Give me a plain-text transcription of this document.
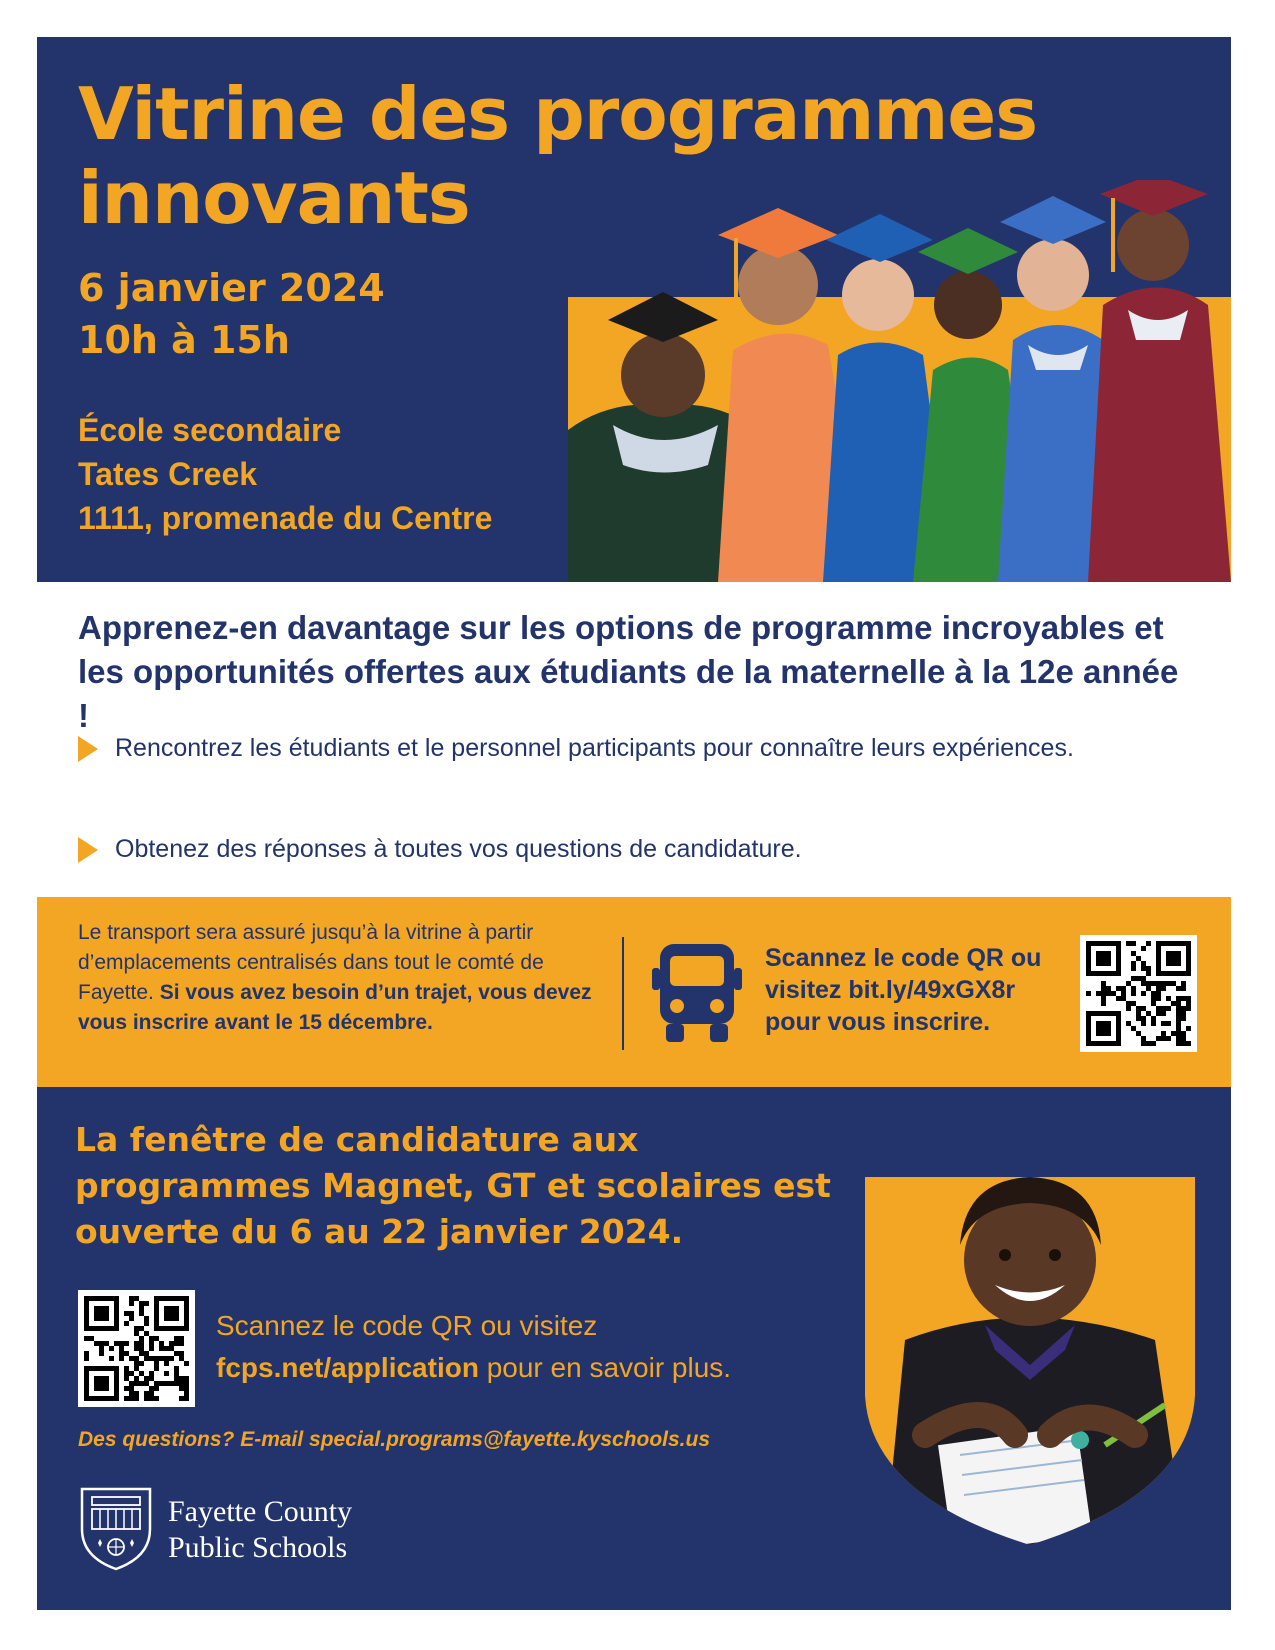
Vitrine des programmes
innovants

6 janvier 2024

10h à 15h

École secondaire

Tates Creek

1111, promenade du Centre

Apprenez-en davantage sur les options de programme incroyables et les opportunités offertes aux étudiants de la maternelle à la 12e année !

Rencontrez les étudiants et le personnel participants pour connaître leurs expériences.
Obtenez des réponses à toutes vos questions de candidature.

Le transport sera assuré jusqu’à la vitrine à partir d’emplacements centralisés dans tout le comté de Fayette. Si vous avez besoin d’un trajet, vous devez vous inscrire avant le 15 décembre.

Scannez le code QR ou visitez bit.ly/49xGX8r pour vous inscrire.

La fenêtre de candidature aux programmes Magnet, GT et scolaires est ouverte du 6 au 22 janvier 2024.

Scannez le code QR ou visitez
fcps.net/application pour en savoir plus.

Des questions? E-mail special.programs@fayette.kyschools.us

Fayette County
Public Schools
